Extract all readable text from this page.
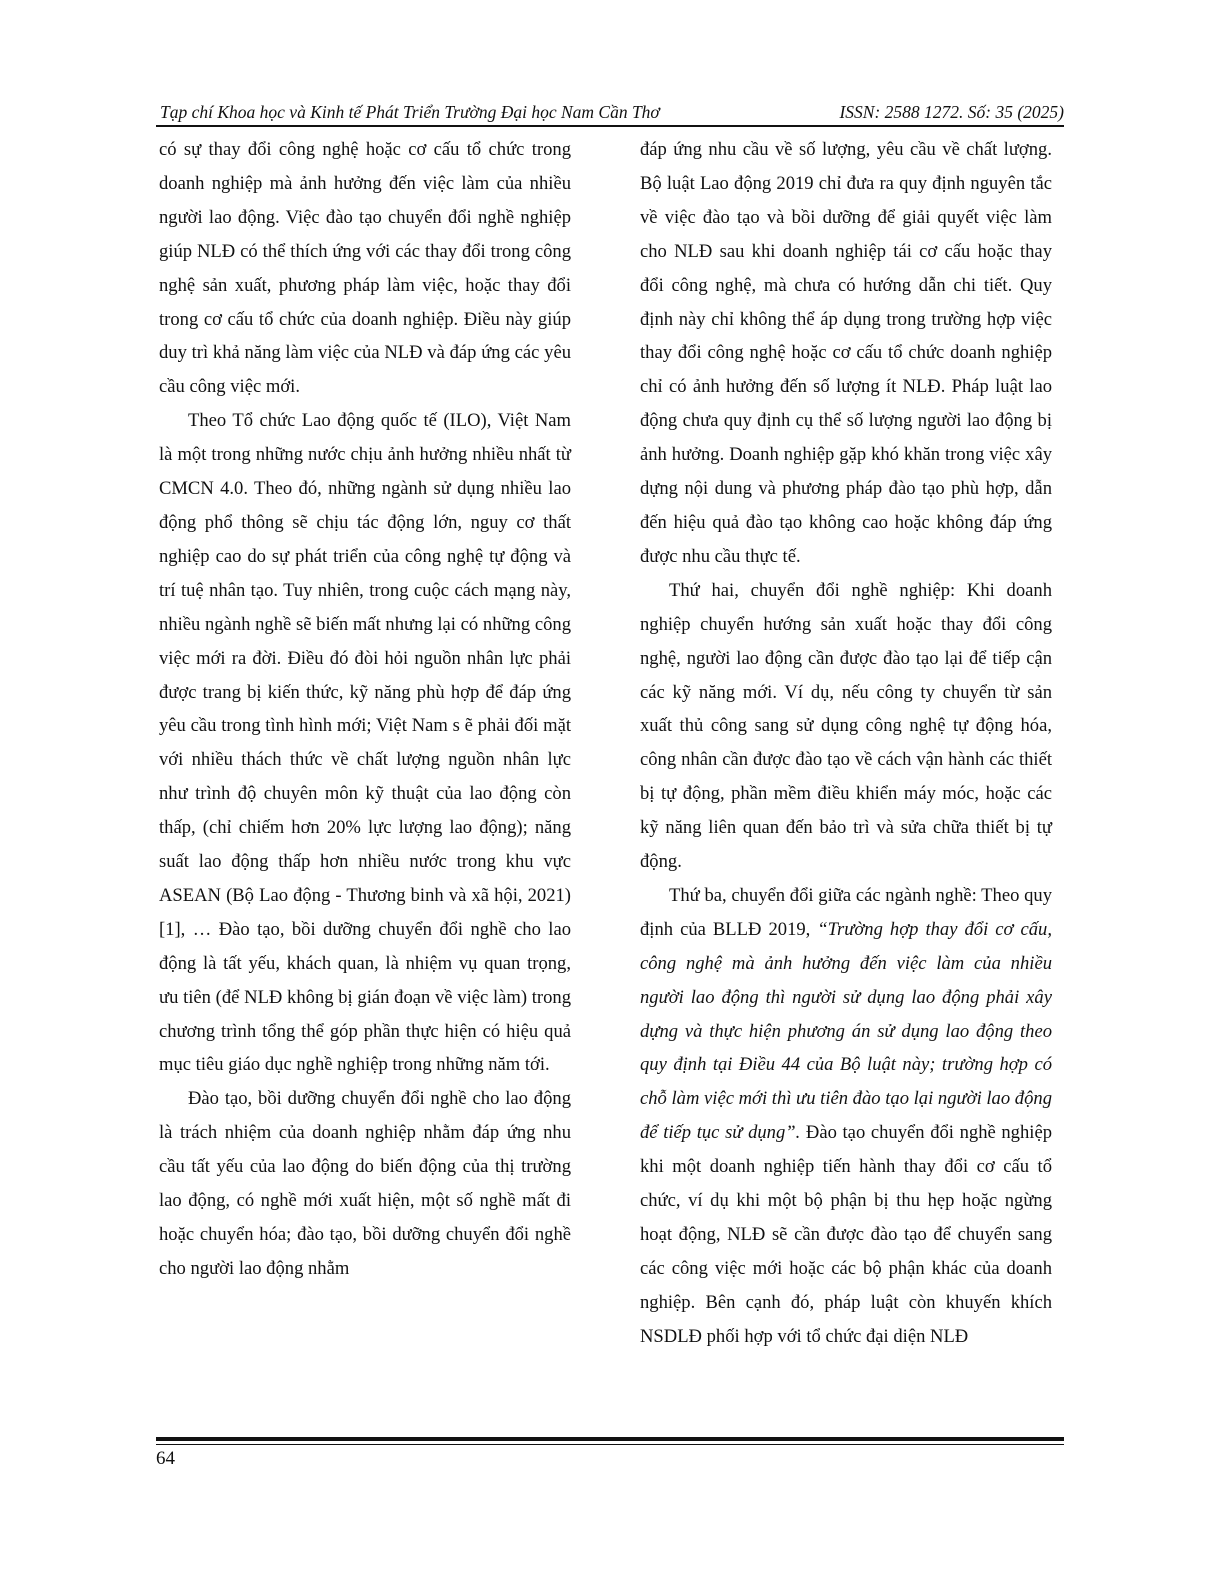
Tạp chí Khoa học và Kinh tế Phát Triển Trường Đại học Nam Cần Thơ	ISSN: 2588 1272. Số: 35 (2025)

có sự thay đổi công nghệ hoặc cơ cấu tổ chức trong doanh nghiệp mà ảnh hưởng đến việc làm của nhiều người lao động. Việc đào tạo chuyển đổi nghề nghiệp giúp NLĐ có thể thích ứng với các thay đổi trong công nghệ sản xuất, phương pháp làm việc, hoặc thay đổi trong cơ cấu tổ chức của doanh nghiệp. Điều này giúp duy trì khả năng làm việc của NLĐ và đáp ứng các yêu cầu công việc mới.

Theo Tổ chức Lao động quốc tế (ILO), Việt Nam là một trong những nước chịu ảnh hưởng nhiều nhất từ CMCN 4.0. Theo đó, những ngành sử dụng nhiều lao động phổ thông sẽ chịu tác động lớn, nguy cơ thất nghiệp cao do sự phát triển của công nghệ tự động và trí tuệ nhân tạo. Tuy nhiên, trong cuộc cách mạng này, nhiều ngành nghề sẽ biến mất nhưng lại có những công việc mới ra đời. Điều đó đòi hỏi nguồn nhân lực phải được trang bị kiến thức, kỹ năng phù hợp để đáp ứng yêu cầu trong tình hình mới; Việt Nam s ẽ phải đối mặt với nhiều thách thức về chất lượng nguồn nhân lực như trình độ chuyên môn kỹ thuật của lao động còn thấp, (chỉ chiếm hơn 20% lực lượng lao động); năng suất lao động thấp hơn nhiều nước trong khu vực ASEAN (Bộ Lao động - Thương binh và xã hội, 2021) [1], … Đào tạo, bồi dưỡng chuyển đổi nghề cho lao động là tất yếu, khách quan, là nhiệm vụ quan trọng, ưu tiên (để NLĐ không bị gián đoạn về việc làm) trong chương trình tổng thể góp phần thực hiện có hiệu quả mục tiêu giáo dục nghề nghiệp trong những năm tới.

Đào tạo, bồi dưỡng chuyển đổi nghề cho lao động là trách nhiệm của doanh nghiệp nhằm đáp ứng nhu cầu tất yếu của lao động do biến động của thị trường lao động, có nghề mới xuất hiện, một số nghề mất đi hoặc chuyển hóa; đào tạo, bồi dưỡng chuyển đổi nghề cho người lao động nhằm

đáp ứng nhu cầu về số lượng, yêu cầu về chất lượng. Bộ luật Lao động 2019 chỉ đưa ra quy định nguyên tắc về việc đào tạo và bồi dưỡng để giải quyết việc làm cho NLĐ sau khi doanh nghiệp tái cơ cấu hoặc thay đổi công nghệ, mà chưa có hướng dẫn chi tiết. Quy định này chỉ không thể áp dụng trong trường hợp việc thay đổi công nghệ hoặc cơ cấu tổ chức doanh nghiệp chỉ có ảnh hưởng đến số lượng ít NLĐ. Pháp luật lao động chưa quy định cụ thể số lượng người lao động bị ảnh hưởng. Doanh nghiệp gặp khó khăn trong việc xây dựng nội dung và phương pháp đào tạo phù hợp, dẫn đến hiệu quả đào tạo không cao hoặc không đáp ứng được nhu cầu thực tế.

Thứ hai, chuyển đổi nghề nghiệp: Khi doanh nghiệp chuyển hướng sản xuất hoặc thay đổi công nghệ, người lao động cần được đào tạo lại để tiếp cận các kỹ năng mới. Ví dụ, nếu công ty chuyển từ sản xuất thủ công sang sử dụng công nghệ tự động hóa, công nhân cần được đào tạo về cách vận hành các thiết bị tự động, phần mềm điều khiển máy móc, hoặc các kỹ năng liên quan đến bảo trì và sửa chữa thiết bị tự động.

Thứ ba, chuyển đổi giữa các ngành nghề: Theo quy định của BLLĐ 2019, “Trường hợp thay đổi cơ cấu, công nghệ mà ảnh hưởng đến việc làm của nhiều người lao động thì người sử dụng lao động phải xây dựng và thực hiện phương án sử dụng lao động theo quy định tại Điều 44 của Bộ luật này; trường hợp có chỗ làm việc mới thì ưu tiên đào tạo lại người lao động để tiếp tục sử dụng”. Đào tạo chuyển đổi nghề nghiệp khi một doanh nghiệp tiến hành thay đổi cơ cấu tổ chức, ví dụ khi một bộ phận bị thu hẹp hoặc ngừng hoạt động, NLĐ sẽ cần được đào tạo để chuyển sang các công việc mới hoặc các bộ phận khác của doanh nghiệp. Bên cạnh đó, pháp luật còn khuyến khích NSDLĐ phối hợp với tổ chức đại diện NLĐ

64
